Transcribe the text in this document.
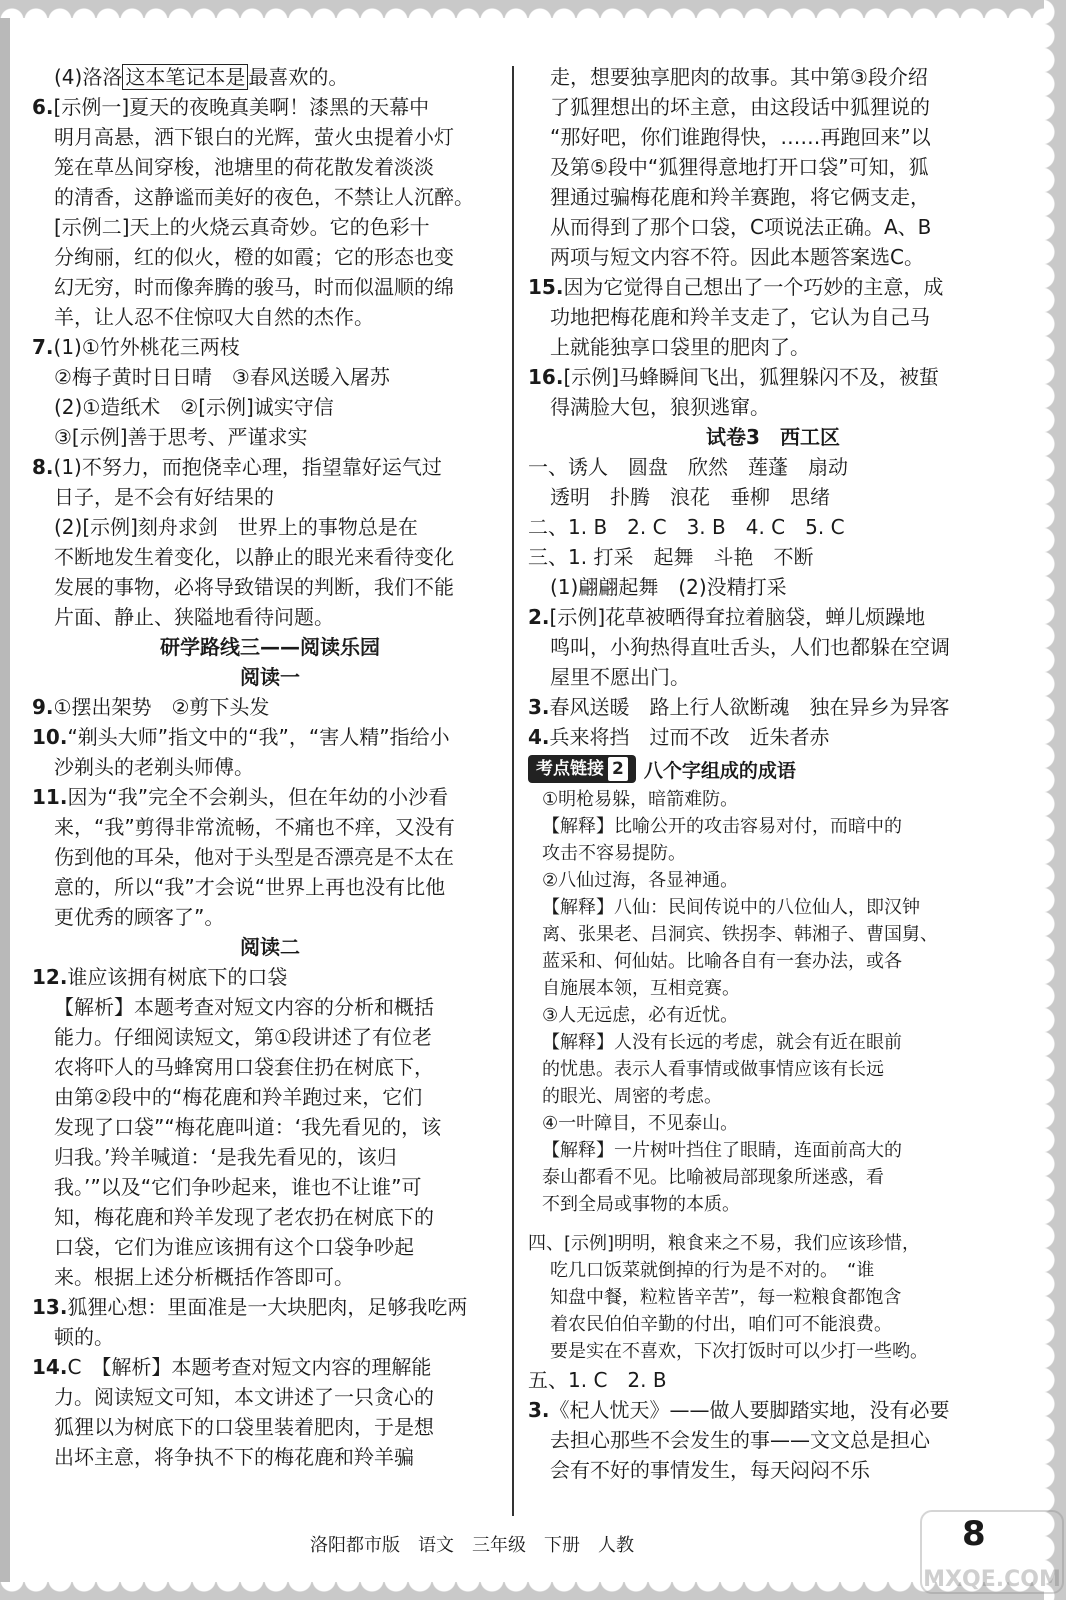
(4)洛洛 这本笔记本是 最喜欢的。
6.[示例一]夏天的夜晚真美啊！漆黑的天幕中
明月高悬，洒下银白的光辉，萤火虫提着小灯
笼在草丛间穿梭，池塘里的荷花散发着淡淡
的清香，这静谧而美好的夜色，不禁让人沉醉。
[示例二]天上的火烧云真奇妙。它的色彩十
分绚丽，红的似火，橙的如霞；它的形态也变
幻无穷，时而像奔腾的骏马，时而似温顺的绵
羊，让人忍不住惊叹大自然的杰作。
7.(1)①竹外桃花三两枝
②梅子黄时日日晴　③春风送暖入屠苏
(2)①造纸术　②[示例]诚实守信
③[示例]善于思考、严谨求实
8.(1)不努力，而抱侥幸心理，指望靠好运气过
日子，是不会有好结果的
(2)[示例]刻舟求剑　世界上的事物总是在
不断地发生着变化，以静止的眼光来看待变化
发展的事物，必将导致错误的判断，我们不能
片面、静止、狭隘地看待问题。
研学路线三——阅读乐园
阅读一
9.①摆出架势　②剪下头发
10.“剃头大师”指文中的“我”，“害人精”指给小
沙剃头的老剃头师傅。
11.因为“我”完全不会剃头，但在年幼的小沙看
来，“我”剪得非常流畅，不痛也不痒，又没有
伤到他的耳朵，他对于头型是否漂亮是不太在
意的，所以“我”才会说“世界上再也没有比他
更优秀的顾客了”。
阅读二
12.谁应该拥有树底下的口袋
【解析】本题考查对短文内容的分析和概括
能力。仔细阅读短文，第①段讲述了有位老
农将吓人的马蜂窝用口袋套住扔在树底下，
由第②段中的“梅花鹿和羚羊跑过来，它们
发现了口袋”“梅花鹿叫道：‘我先看见的，该
归我。’羚羊喊道：‘是我先看见的，该归
我。’”以及“它们争吵起来，谁也不让谁”可
知，梅花鹿和羚羊发现了老农扔在树底下的
口袋，它们为谁应该拥有这个口袋争吵起
来。根据上述分析概括作答即可。
13.狐狸心想：里面准是一大块肥肉，足够我吃两
顿的。
14.C　【解析】本题考查对短文内容的理解能
力。阅读短文可知，本文讲述了一只贪心的
狐狸以为树底下的口袋里装着肥肉，于是想
出坏主意，将争执不下的梅花鹿和羚羊骗
走，想要独享肥肉的故事。其中第③段介绍
了狐狸想出的坏主意，由这段话中狐狸说的
“那好吧，你们谁跑得快，……再跑回来”以
及第⑤段中“狐狸得意地打开口袋”可知，狐
狸通过骗梅花鹿和羚羊赛跑，将它俩支走，
从而得到了那个口袋，C项说法正确。A、B
两项与短文内容不符。因此本题答案选C。
15.因为它觉得自己想出了一个巧妙的主意，成
功地把梅花鹿和羚羊支走了，它认为自己马
上就能独享口袋里的肥肉了。
16.[示例]马蜂瞬间飞出，狐狸躲闪不及，被蜇
得满脸大包，狼狈逃窜。
试卷3　西工区
一、诱人　圆盘　欣然　莲蓬　扇动
透明　扑腾　浪花　垂柳　思绪
二、1. B　2. C　3. B　4. C　5. C
三、1. 打采　起舞　斗艳　不断
(1)翩翩起舞　(2)没精打采
2.[示例]花草被晒得耷拉着脑袋，蝉儿烦躁地
鸣叫，小狗热得直吐舌头，人们也都躲在空调
屋里不愿出门。
3.春风送暖　路上行人欲断魂　独在异乡为异客
4.兵来将挡　过而不改　近朱者赤
考点链接 2 八个字组成的成语
①明枪易躲，暗箭难防。
【解释】比喻公开的攻击容易对付，而暗中的
攻击不容易提防。
②八仙过海，各显神通。
【解释】八仙：民间传说中的八位仙人，即汉钟
离、张果老、吕洞宾、铁拐李、韩湘子、曹国舅、
蓝采和、何仙姑。比喻各自有一套办法，或各
自施展本领，互相竞赛。
③人无远虑，必有近忧。
【解释】人没有长远的考虑，就会有近在眼前
的忧患。表示人看事情或做事情应该有长远
的眼光、周密的考虑。
④一叶障目，不见泰山。
【解释】一片树叶挡住了眼睛，连面前高大的
泰山都看不见。比喻被局部现象所迷惑，看
不到全局或事物的本质。
四、[示例]明明，粮食来之不易，我们应该珍惜，
吃几口饭菜就倒掉的行为是不对的。　“谁
知盘中餐，粒粒皆辛苦”，每一粒粮食都饱含
着农民伯伯辛勤的付出，咱们可不能浪费。
要是实在不喜欢，下次打饭时可以少打一些哟。
五、1. C　2. B
3.《杞人忧天》——做人要脚踏实地，没有必要
去担心那些不会发生的事——文文总是担心
会有不好的事情发生，每天闷闷不乐
洛阳都市版 语文 三年级 下册 人教
MXQE.COM
8
